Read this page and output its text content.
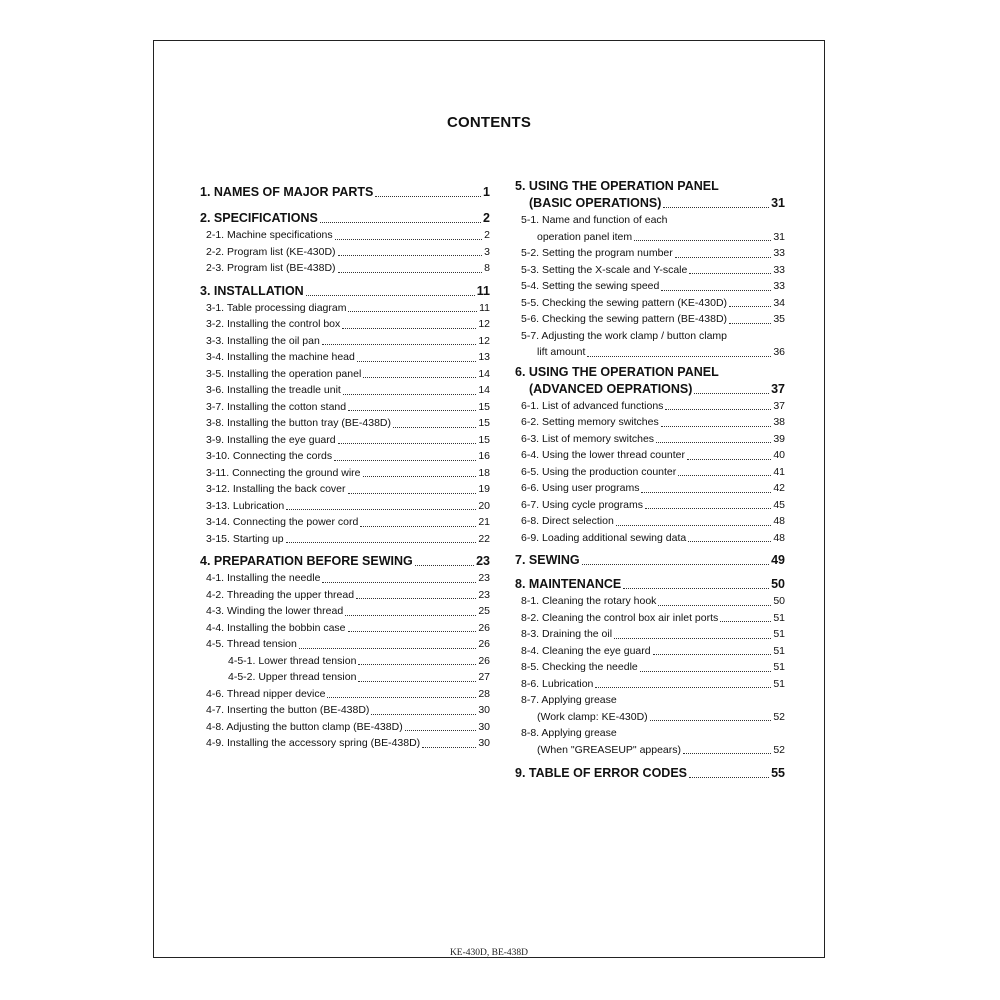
CONTENTS
1. NAMES OF MAJOR PARTS	1
2. SPECIFICATIONS	2
2-1. Machine specifications	2
2-2. Program list (KE-430D)	3
2-3. Program list (BE-438D)	8
3. INSTALLATION	11
3-1. Table processing diagram	11
3-2. Installing the control box	12
3-3. Installing the oil pan	12
3-4. Installing the machine head	13
3-5. Installing the operation panel	14
3-6. Installing the treadle unit	14
3-7. Installing the cotton stand	15
3-8. Installing the button tray (BE-438D)	15
3-9. Installing the eye guard	15
3-10. Connecting the cords	16
3-11. Connecting the ground wire	18
3-12. Installing the back cover	19
3-13. Lubrication	20
3-14. Connecting the power cord	21
3-15. Starting up	22
4. PREPARATION BEFORE SEWING	23
4-1. Installing the needle	23
4-2. Threading the upper thread	23
4-3. Winding the lower thread	25
4-4. Installing the bobbin case	26
4-5. Thread tension	26
4-5-1. Lower thread tension	26
4-5-2. Upper thread tension	27
4-6. Thread nipper device	28
4-7. Inserting the button (BE-438D)	30
4-8. Adjusting the button clamp (BE-438D)	30
4-9. Installing the accessory spring (BE-438D)	30
5. USING THE OPERATION PANEL
(BASIC OPERATIONS)	31
5-1. Name and function of each
operation panel item	31
5-2. Setting the program number	33
5-3. Setting the X-scale and Y-scale	33
5-4. Setting the sewing speed	33
5-5. Checking the sewing pattern (KE-430D)	34
5-6. Checking the sewing pattern (BE-438D)	35
5-7. Adjusting the work clamp / button clamp
lift amount	36
6. USING THE OPERATION PANEL
(ADVANCED OEPRATIONS)	37
6-1. List of advanced functions	37
6-2. Setting memory switches	38
6-3. List of memory switches	39
6-4. Using the lower thread counter	40
6-5. Using the production counter	41
6-6. Using user programs	42
6-7. Using cycle programs	45
6-8. Direct selection	48
6-9. Loading additional sewing data	48
7. SEWING	49
8. MAINTENANCE	50
8-1. Cleaning the rotary hook	50
8-2. Cleaning the control box air inlet ports	51
8-3. Draining the oil	51
8-4. Cleaning the eye guard	51
8-5. Checking the needle	51
8-6. Lubrication	51
8-7. Applying grease
(Work clamp: KE-430D)	52
8-8. Applying grease
(When "GREASEUP" appears)	52
9. TABLE OF ERROR CODES	55
KE-430D, BE-438D
